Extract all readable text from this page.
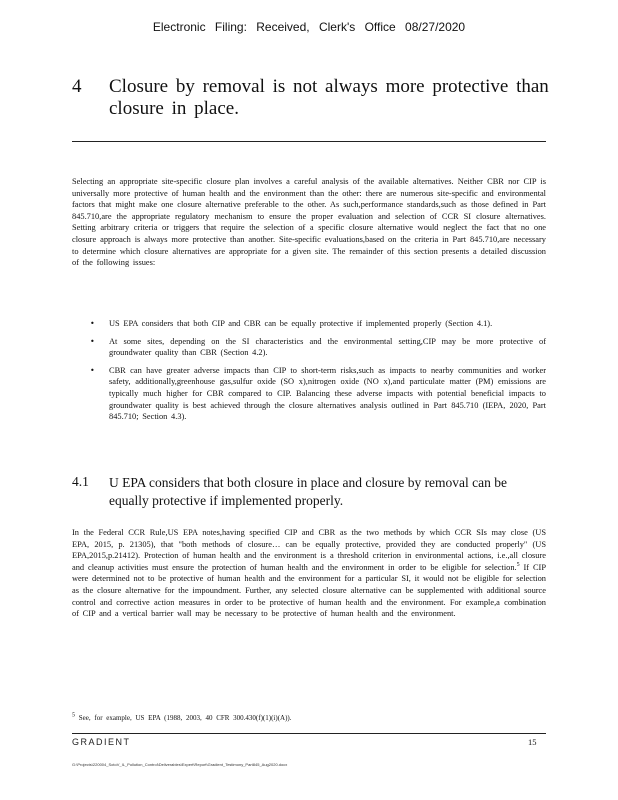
Electronic Filing: Received, Clerk's Office 08/27/2020
4 Closure by removal is not always more protective than closure in place.

Selecting an appropriate site-specific closure plan involves a careful analysis of the available alternatives. Neither CBR nor CIP is universally more protective of human health and the environment than the other: there are numerous site-specific and environmental factors that might make one closure alternative preferable to the other. As such,performance standards,such as those defined in Part 845.710,are the appropriate regulatory mechanism to ensure the proper evaluation and selection of CCR SI closure alternatives. Setting arbitrary criteria or triggers that require the selection of a specific closure alternative would neglect the fact that no one closure approach is always more protective than another. Site-specific evaluations,based on the criteria in Part 845.710,are necessary to determine which closure alternatives are appropriate for a given site. The remainder of this section presents a detailed discussion of the following issues:

• US EPA considers that both CIP and CBR can be equally protective if implemented properly (Section 4.1).
• At some sites, depending on the SI characteristics and the environmental setting,CIP may be more protective of groundwater quality than CBR (Section 4.2).
• CBR can have greater adverse impacts than CIP to short-term risks,such as impacts to nearby communities and worker safety, additionally,greenhouse gas,sulfur oxide (SO x),nitrogen oxide (NO x),and particulate matter (PM) emissions are typically much higher for CBR compared to CIP. Balancing these adverse impacts with potential beneficial impacts to groundwater quality is best achieved through the closure alternatives analysis outlined in Part 845.710 (IEPA, 2020, Part 845.710; Section 4.3).
4.1 U EPA considers that both closure in place and closure by removal can be equally protective if implemented properly.

In the Federal CCR Rule,US EPA notes,having specified CIP and CBR as the two methods by which CCR SIs may close (US EPA, 2015, p. 21305), that "both methods of closure… can be equally protective, provided they are conducted properly" (US EPA,2015,p.21412). Protection of human health and the environment is a threshold criterion in environmental actions, i.e.,all closure and cleanup activities must ensure the protection of human health and the environment in order to be eligible for selection.$^5$ If CIP were determined not to be protective of human health and the environment for a particular SI, it would not be eligible for selection as the closure alternative for the impoundment. Further, any selected closure alternative can be supplemented with additional source control and corrective action measures in order to be protective of human health and the environment. For example,a combination of CIP and a vertical barrier wall may be necessary to be protective of human health and the environment.

$^5$ See, for example, US EPA (1988, 2003, 40 CFR 300.430(f)(1)(i)(A)).
GRADIENT	15
G:\Projects\220004_SotoV_IL_Pollution_Control\Deliverables\Expert\Report\Gradient_Testimony_Part845_Aug2020.docx
